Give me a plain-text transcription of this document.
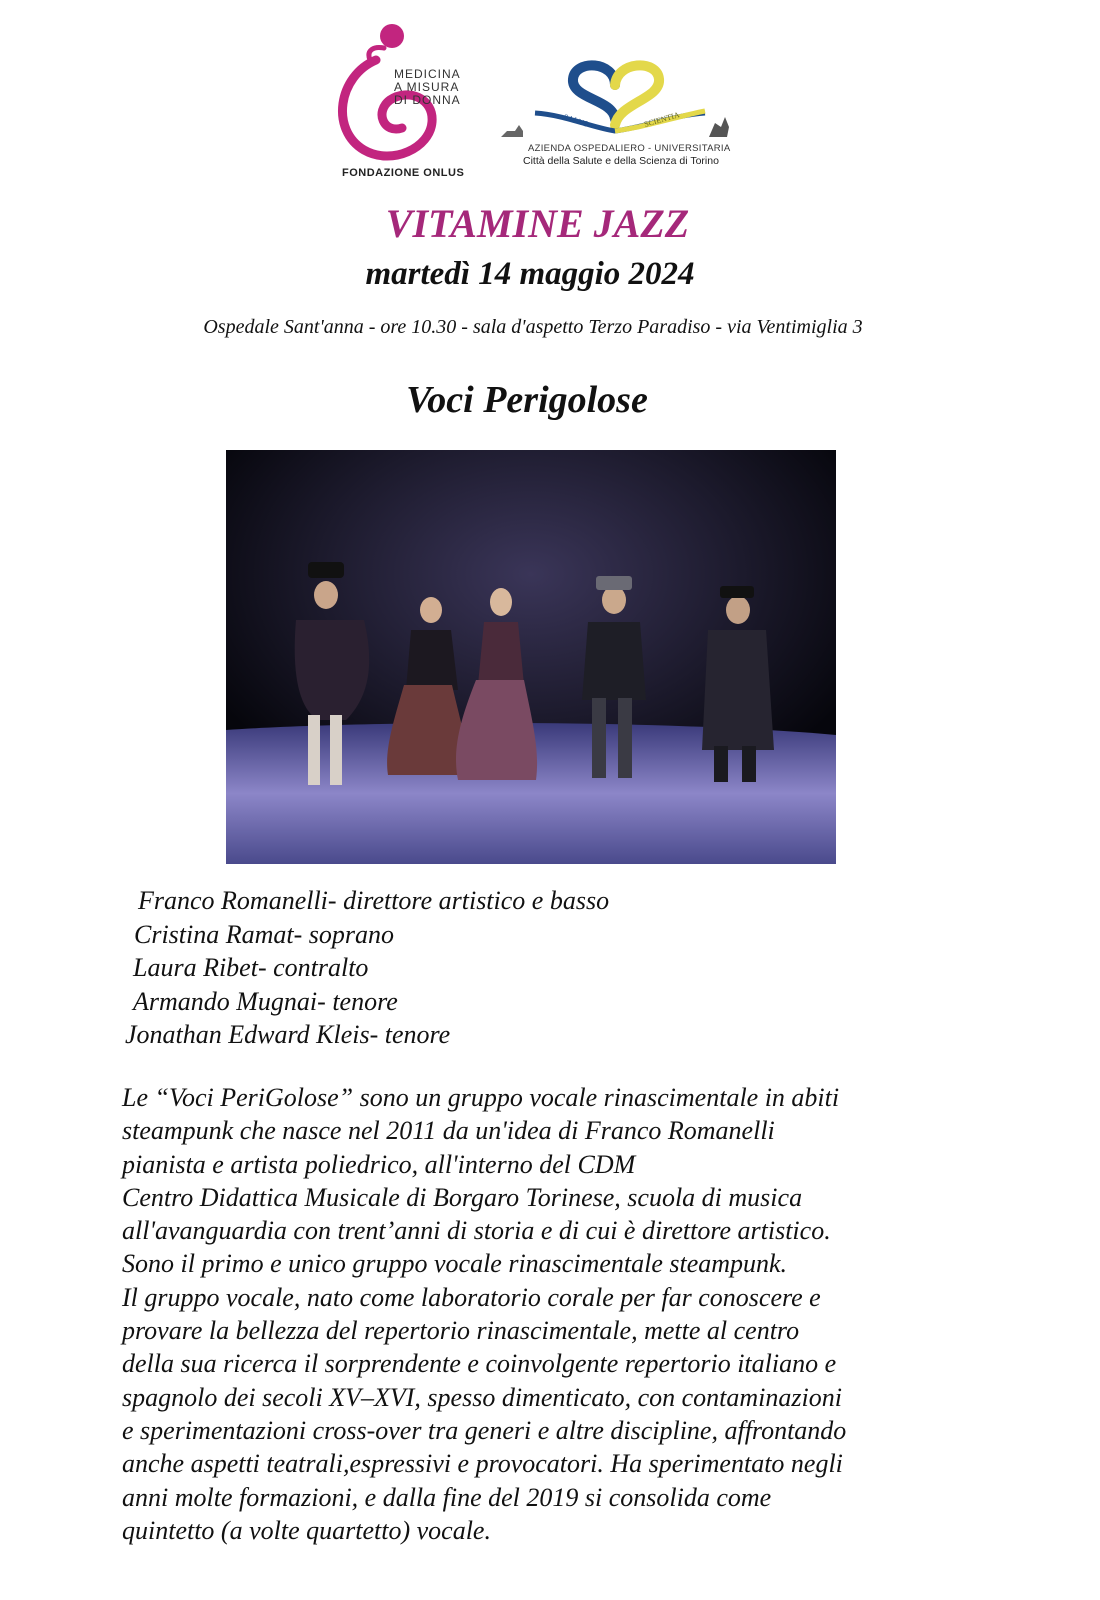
MEDICINA
A MISURA
DI DONNA
FONDAZIONE ONLUS
SALUS	SCIENTIA
AZIENDA OSPEDALIERO - UNIVERSITARIA
Città della Salute e della Scienza di Torino
VITAMINE JAZZ
martedì 14 maggio 2024
Ospedale Sant'anna - ore 10.30 - sala d'aspetto Terzo Paradiso - via Ventimiglia 3
Voci Perigolose
Franco Romanelli- direttore artistico e basso
Cristina Ramat- soprano
Laura Ribet- contralto
Armando Mugnai- tenore
Jonathan Edward Kleis- tenore
Le “Voci PeriGolose” sono un gruppo vocale rinascimentale in abiti
steampunk che nasce nel 2011 da un'idea di Franco Romanelli
pianista e artista poliedrico, all'interno del CDM
Centro Didattica Musicale di Borgaro Torinese, scuola di musica
all'avanguardia con trent’anni di storia e di cui è direttore artistico.
Sono il primo e unico gruppo vocale rinascimentale steampunk.
Il gruppo vocale, nato come laboratorio corale per far conoscere e
provare la bellezza del repertorio rinascimentale, mette al centro
della sua ricerca il sorprendente e coinvolgente repertorio italiano e
spagnolo dei secoli XV–XVI, spesso dimenticato, con contaminazioni
e sperimentazioni cross-over tra generi e altre discipline, affrontando
anche aspetti teatrali,espressivi e provocatori. Ha sperimentato negli
anni molte formazioni, e dalla fine del 2019 si consolida come
quintetto (a volte quartetto) vocale.
